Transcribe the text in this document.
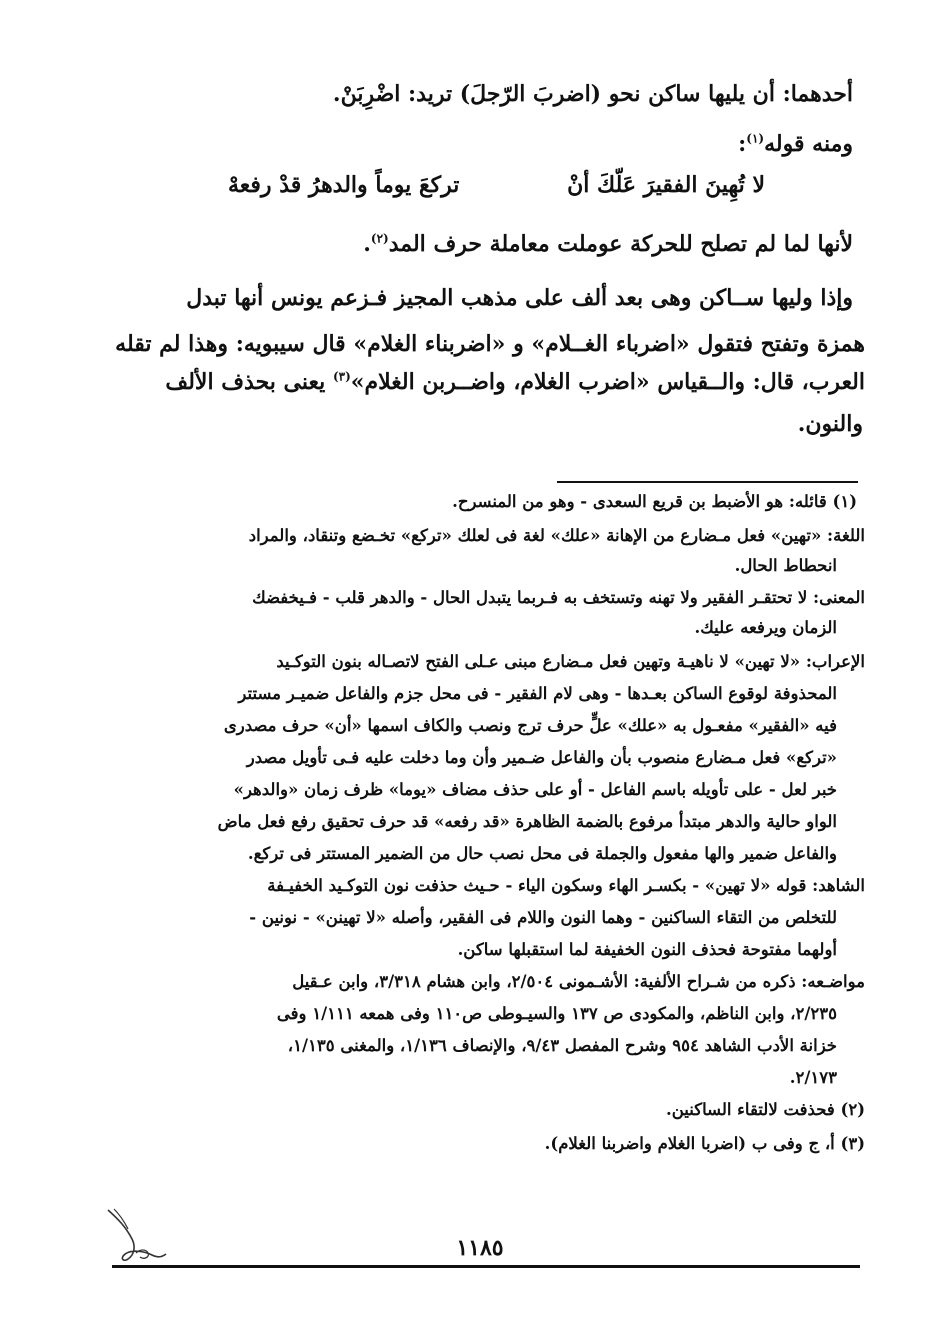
أحدهما: أن يليها ساكن نحو (اضربَ الرّجلَ) تريد: اضْرِبَنْ.
ومنه قوله$^{(١)}$:
لا تُهِينَ الفقيرَ عَلّكَ أنْ
تركعَ يوماً والدهرُ قدْ رفعهْ
لأنها لما لم تصلح للحركة عوملت معاملة حرف المد$^{(٢)}$.
وإذا وليها ســاكن وهى بعد ألف على مذهب المجيز فـزعم يونس أنها تبدل
همزة وتفتح فتقول «اضرباء الغــلام» و «اضربناء الغلام» قال سيبويه: وهذا لم تقله
العرب، قال: والــقياس «اضرب الغلام، واضــربن الغلام»$^{(٣)}$ يعنى بحذف الألف
والنون.
(١) قائله: هو الأضبط بن قريع السعدى - وهو من المنسرح.
اللغة: «تهين» فعل مـضارع من الإهانة «علك» لغة فى لعلك «تركع» تخـضع وتنقاد، والمراد
انحطاط الحال.
المعنى: لا تحتقـر الفقير ولا تهنه وتستخف به فـربما يتبدل الحال - والدهر قلب - فـيخفضك
الزمان ويرفعه عليك.
الإعراب: «لا تهين» لا ناهيـة وتهين فعل مـضارع مبنى عـلى الفتح لاتصـاله بنون التوكـيد
المحذوفة لوقوع الساكن بعـدها - وهى لام الفقير - فى محل جزم والفاعل ضميـر مستتر
فيه «الفقير» مفعـول به «علك» علٍّ حرف ترج ونصب والكاف اسمها «أن» حرف مصدرى
«تركع» فعل مـضارع منصوب بأن والفاعل ضـمير وأن وما دخلت عليه فـى تأويل مصدر
خبر لعل - على تأويله باسم الفاعل - أو على حذف مضاف «يوما» ظرف زمان «والدهر»
الواو حالية والدهر مبتدأ مرفوع بالضمة الظاهرة «قد رفعه» قد حرف تحقيق رفع فعل ماض
والفاعل ضمير والها مفعول والجملة فى محل نصب حال من الضمير المستتر فى تركع.
الشاهد: قوله «لا تهين» - بكسـر الهاء وسكون الياء - حـيث حذفت نون التوكـيد الخفيـفة
للتخلص من التقاء الساكنين - وهما النون واللام فى الفقير، وأصله «لا تهينن» - نونين -
أولهما مفتوحة فحذف النون الخفيفة لما استقبلها ساكن.
مواضـعه: ذكره من شـراح الألفية: الأشـمونى ٢/٥٠٤، وابن هشام ٣/٣١٨، وابن عـقيل
٢/٢٣٥، وابن الناظم، والمكودى ص ١٣٧ والسيـوطى ص١١٠ وفى همعه ١/١١١ وفى
خزانة الأدب الشاهد ٩٥٤ وشرح المفصل ٩/٤٣، والإنصاف ١/١٣٦، والمغنى ١/١٣٥،
٢/١٧٣.
(٢) فحذفت لالتقاء الساكنين.
(٣) أ، ج وفى ب (اضربا الغلام واضربنا الغلام).
١١٨٥
